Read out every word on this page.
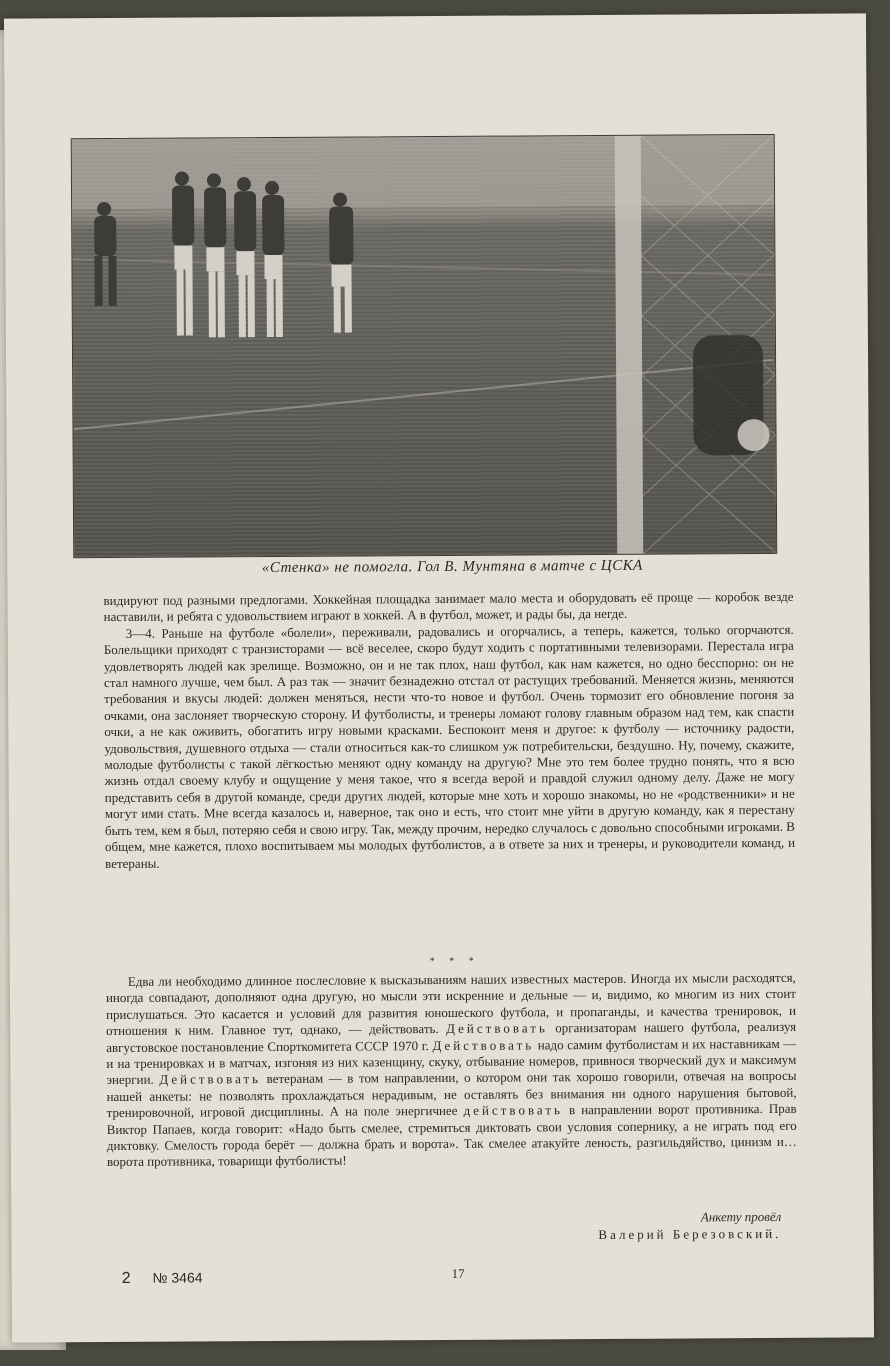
«Стенка» не помогла. Гол В. Мунтяна в матче с ЦСКА

видируют под разными предлогами. Хоккейная площадка занимает мало места и оборудовать её проще — коробок везде наставили, и ребята с удовольствием играют в хоккей. А в футбол, может, и рады бы, да негде.

3—4. Раньше на футболе «болели», переживали, радовались и огорчались, а теперь, кажется, только огорчаются. Болельщики приходят с транзисторами — всё веселее, скоро будут ходить с портативными телевизорами. Перестала игра удовлетворять людей как зрелище. Возможно, он и не так плох, наш футбол, как нам кажется, но одно бесспорно: он не стал намного лучше, чем был. А раз так — значит безнадежно отстал от растущих требований. Меняется жизнь, меняются требования и вкусы людей: должен меняться, нести что-то новое и футбол. Очень тормозит его обновление погоня за очками, она заслоняет творческую сторону. И футболисты, и тренеры ломают голову главным образом над тем, как спасти очки, а не как оживить, обогатить игру новыми красками. Беспокоит меня и другое: к футболу — источнику радости, удовольствия, душевного отдыха — стали относиться как-то слишком уж потребительски, бездушно. Ну, почему, скажите, молодые футболисты с такой лёгкостью меняют одну команду на другую? Мне это тем более трудно понять, что я всю жизнь отдал своему клубу и ощущение у меня такое, что я всегда верой и правдой служил одному делу. Даже не могу представить себя в другой команде, среди других людей, которые мне хоть и хорошо знакомы, но не «родственники» и не могут ими стать. Мне всегда казалось и, наверное, так оно и есть, что стоит мне уйти в другую команду, как я перестану быть тем, кем я был, потеряю себя и свою игру. Так, между прочим, нередко случалось с довольно способными игроками. В общем, мне кажется, плохо воспитываем мы молодых футболистов, а в ответе за них и тренеры, и руководители команд, и ветераны.

* * *

Едва ли необходимо длинное послесловие к высказываниям наших известных мастеров. Иногда их мысли расходятся, иногда совпадают, дополняют одна другую, но мысли эти искренние и дельные — и, видимо, ко многим из них стоит прислушаться. Это касается и условий для развития юношеского футбола, и пропаганды, и качества тренировок, и отношения к ним. Главное тут, однако, — действовать. Действовать организаторам нашего футбола, реализуя августовское постановление Спорткомитета СССР 1970 г. Действовать надо самим футболистам и их наставникам — и на тренировках и в матчах, изгоняя из них казенщину, скуку, отбывание номеров, привнося творческий дух и максимум энергии. Действовать ветеранам — в том направлении, о котором они так хорошо говорили, отвечая на вопросы нашей анкеты: не позволять прохлаждаться нерадивым, не оставлять без внимания ни одного нарушения бытовой, тренировочной, игровой дисциплины. А на поле энергичнее действовать в направлении ворот противника. Прав Виктор Папаев, когда говорит: «Надо быть смелее, стремиться диктовать свои условия сопернику, а не играть под его диктовку. Смелость города берёт — должна брать и ворота». Так смелее атакуйте леность, разгильдяйство, цинизм и… ворота противника, товарищи футболисты!

Анкету провёл
Валерий Березовский.
2 № 3464	17
